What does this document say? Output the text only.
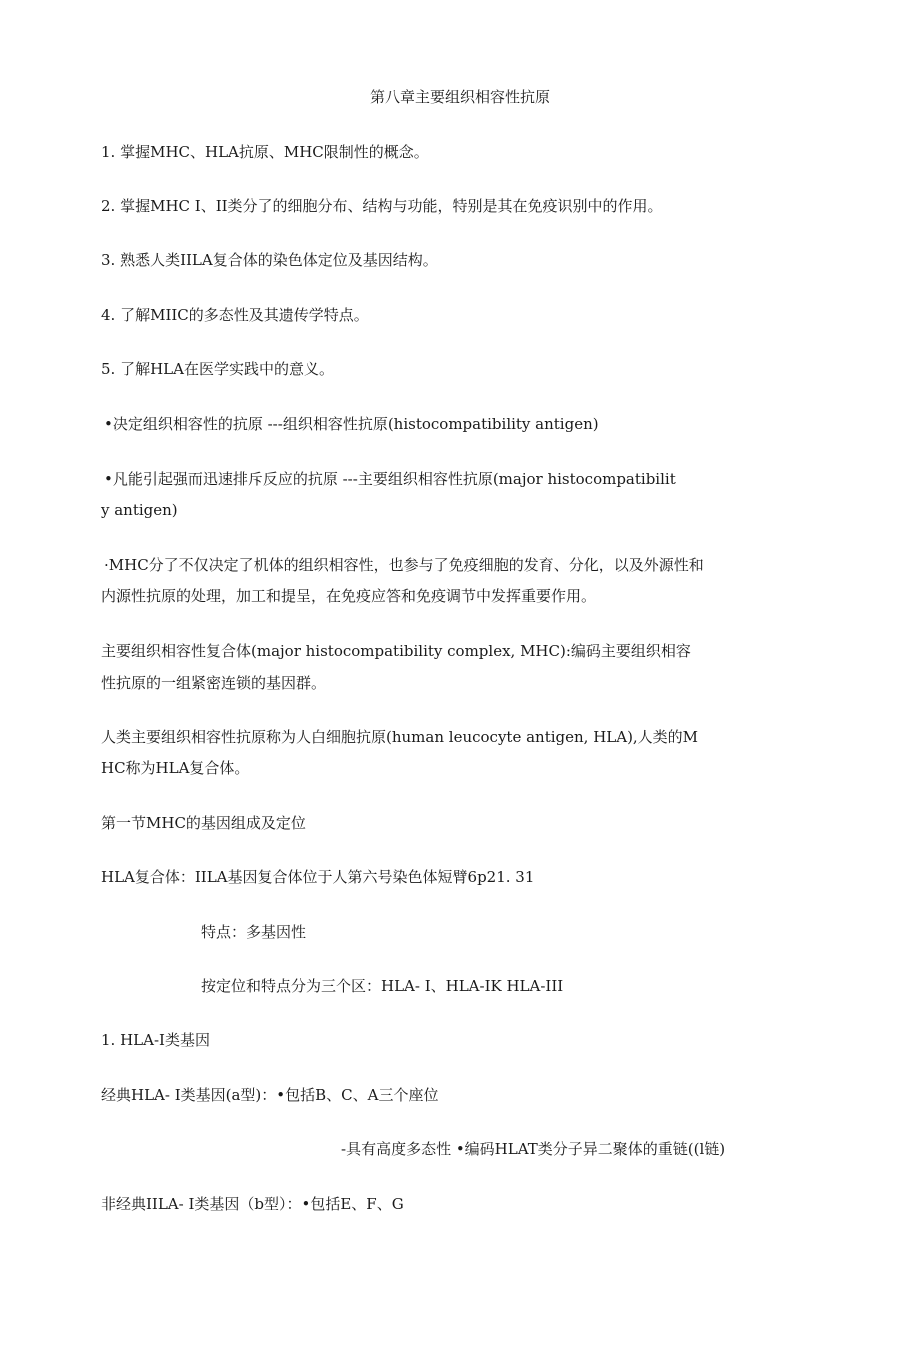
第八章主要组织相容性抗原
1. 掌握MHC、HLA抗原、MHC限制性的概念。
2. 掌握MHC I、II类分了的细胞分布、结构与功能，特别是其在免疫识别中的作用。
3. 熟悉人类IILA复合体的染色体定位及基因结构。
4. 了解MIIC的多态性及其遗传学特点。
5. 了解HLA在医学实践中的意义。
•决定组织相容性的抗原 ---组织相容性抗原(histocompatibility antigen)
•凡能引起强而迅速排斥反应的抗原 ---主要组织相容性抗原(major histocompatibilit
y antigen)
·MHC分了不仅决定了机体的组织相容性，也参与了免疫细胞的发育、分化，以及外源性和
内源性抗原的处理，加工和提呈，在免疫应答和免疫调节中发挥重要作用。
主要组织相容性复合体(major histocompatibility complex, MHC):编码主要组织相容
性抗原的一组紧密连锁的基因群。
人类主要组织相容性抗原称为人白细胞抗原(human leucocyte antigen, HLA),人类的M
HC称为HLA复合体。
第一节MHC的基因组成及定位
HLA复合体：IILA基因复合体位于人第六号染色体短臂6p21. 31
特点：多基因性
按定位和特点分为三个区：HLA- I、HLA-IK HLA-III
1. HLA-I类基因
经典HLA- I类基因(a型)：•包括B、C、A三个座位
-具有高度多态性 •编码HLAT类分子异二聚体的重链((l链)
非经典IILA- I类基因（b型）：•包括E、F、G
